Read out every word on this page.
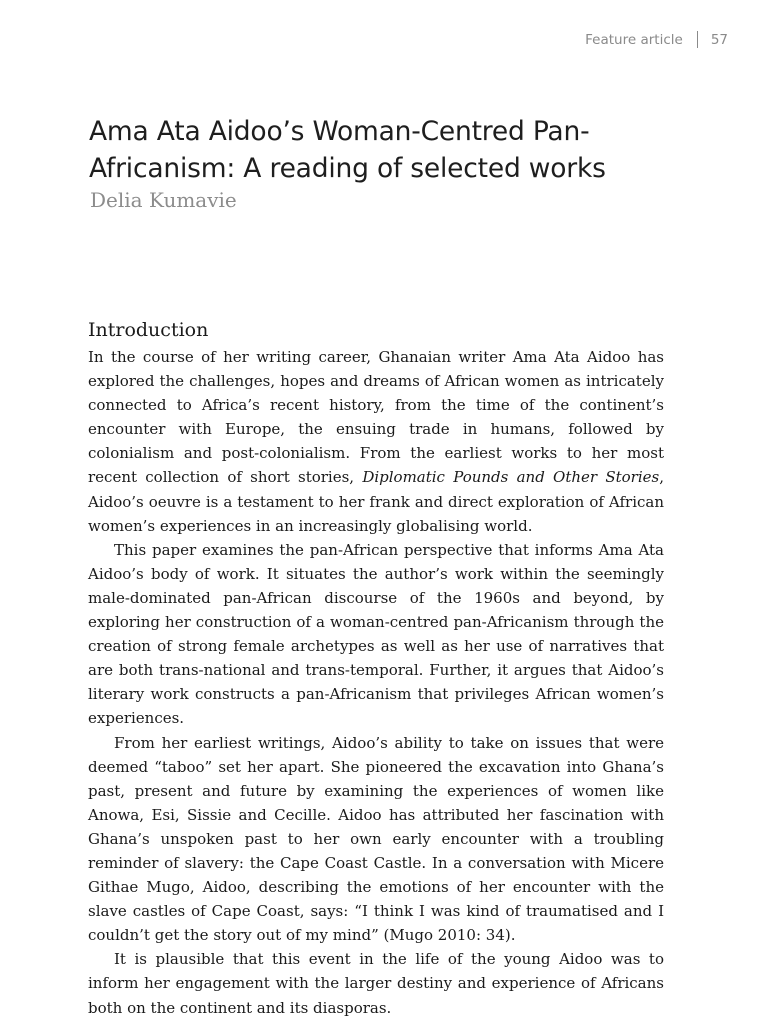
Feature article 57
Ama Ata Aidoo’s Woman-Centred Pan-Africanism: A reading of selected works
Delia Kumavie
Introduction

In the course of her writing career, Ghanaian writer Ama Ata Aidoo has explored the challenges, hopes and dreams of African women as intricately connected to Africa’s recent history, from the time of the continent’s encounter with Europe, the ensuing trade in humans, followed by colonialism and post-colonialism. From the earliest works to her most recent collection of short stories, Diplomatic Pounds and Other Stories, Aidoo’s oeuvre is a testament to her frank and direct exploration of African women’s experiences in an increasingly globalising world.

This paper examines the pan-African perspective that informs Ama Ata Aidoo’s body of work. It situates the author’s work within the seemingly male-dominated pan-African discourse of the 1960s and beyond, by exploring her construction of a woman-centred pan-Africanism through the creation of strong female archetypes as well as her use of narratives that are both trans-national and trans-temporal. Further, it argues that Aidoo’s literary work constructs a pan-Africanism that privileges African women’s experiences.

From her earliest writings, Aidoo’s ability to take on issues that were deemed “taboo” set her apart. She pioneered the excavation into Ghana’s past, present and future by examining the experiences of women like Anowa, Esi, Sissie and Cecille. Aidoo has attributed her fascination with Ghana’s unspoken past to her own early encounter with a troubling reminder of slavery: the Cape Coast Castle. In a conversation with Micere Githae Mugo, Aidoo, describing the emotions of her encounter with the slave castles of Cape Coast, says: “I think I was kind of traumatised and I couldn’t get the story out of my mind” (Mugo 2010: 34).

It is plausible that this event in the life of the young Aidoo was to inform her engagement with the larger destiny and experience of Africans both on the continent and its diasporas.
